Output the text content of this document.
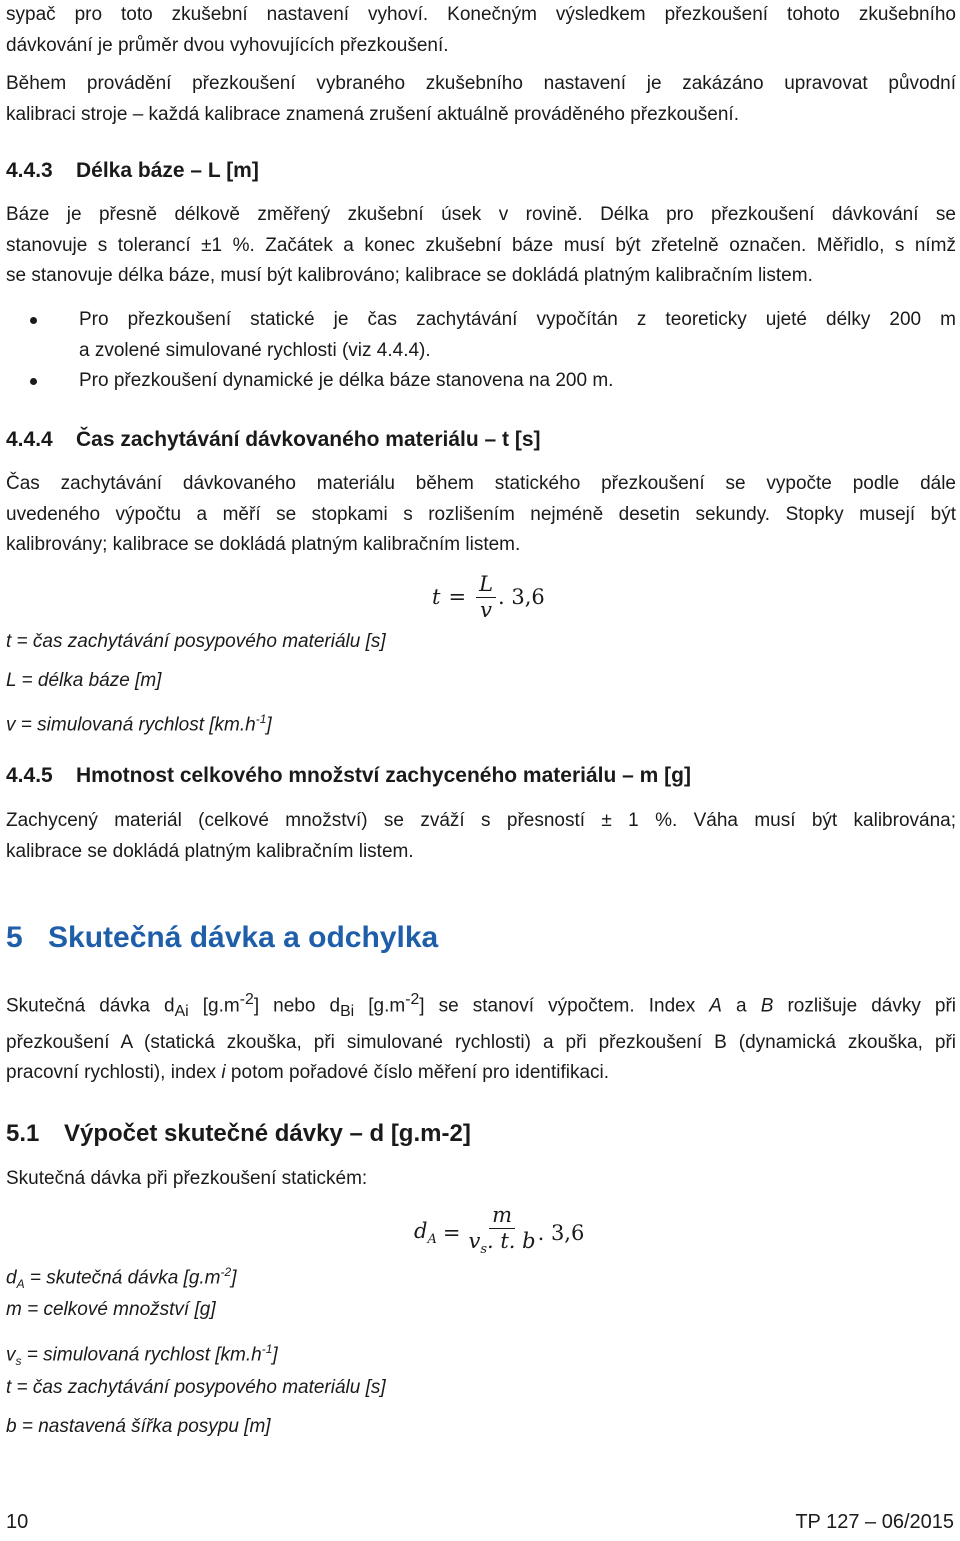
sypač pro toto zkušební nastavení vyhoví. Konečným výsledkem přezkoušení tohoto zkušebního
dávkování je průměr dvou vyhovujících přezkoušení.
Během provádění přezkoušení vybraného zkušebního nastavení je zakázáno upravovat původní
kalibraci stroje – každá kalibrace znamená zrušení aktuálně prováděného přezkoušení.
4.4.3 Délka báze – L [m]
Báze je přesně délkově změřený zkušební úsek v rovině. Délka pro přezkoušení dávkování se
stanovuje s tolerancí ±1 %. Začátek a konec zkušební báze musí být zřetelně označen. Měřidlo, s nímž
se stanovuje délka báze, musí být kalibrováno; kalibrace se dokládá platným kalibračním listem.
Pro přezkoušení statické je čas zachytávání vypočítán z teoreticky ujeté délky 200 m
a zvolené simulované rychlosti (viz 4.4.4).
Pro přezkoušení dynamické je délka báze stanovena na 200 m.
4.4.4 Čas zachytávání dávkovaného materiálu – t [s]
Čas zachytávání dávkovaného materiálu během statického přezkoušení se vypočte podle dále
uvedeného výpočtu a měří se stopkami s rozlišením nejméně desetin sekundy. Stopky musejí být
kalibrovány; kalibrace se dokládá platným kalibračním listem.
$t = \frac{L}{v}$ . 3,6

t = čas zachytávání posypového materiálu [s]

L = délka báze [m]

v = simulovaná rychlost $[km.h^{-1}]$

4.4.5 Hmotnost celkového množství zachyceného materiálu – m [g]
Zachycený materiál (celkové množství) se zváží s přesností ± 1 %. Váha musí být kalibrována;
kalibrace se dokládá platným kalibračním listem.
5 Skutečná dávka a odchylka
Skutečná dávka $d_{Ai}$ $[g.m^{-2}]$ nebo $d_{Bi}$ $[g.m^{-2}]$ se stanoví výpočtem. Index A a B rozlišuje dávky při
přezkoušení A (statická zkouška, při simulované rychlosti) a při přezkoušení B (dynamická zkouška, při
pracovní rychlosti), index i potom pořadové číslo měření pro identifikaci.
5.1 Výpočet skutečné dávky – d [g.m-2]

Skutečná dávka při přezkoušení statickém:

$d_A = \frac{m}{v_s. t. b}$ . 3,6

$d_A$ = skutečná dávka $[g.m^{-2}]$

m = celkové množství [g]

$v_s$ = simulovaná rychlost $[km.h^{-1}]$

t = čas zachytávání posypového materiálu [s]

b = nastavená šířka posypu [m]

10	TP 127 – 06/2015
